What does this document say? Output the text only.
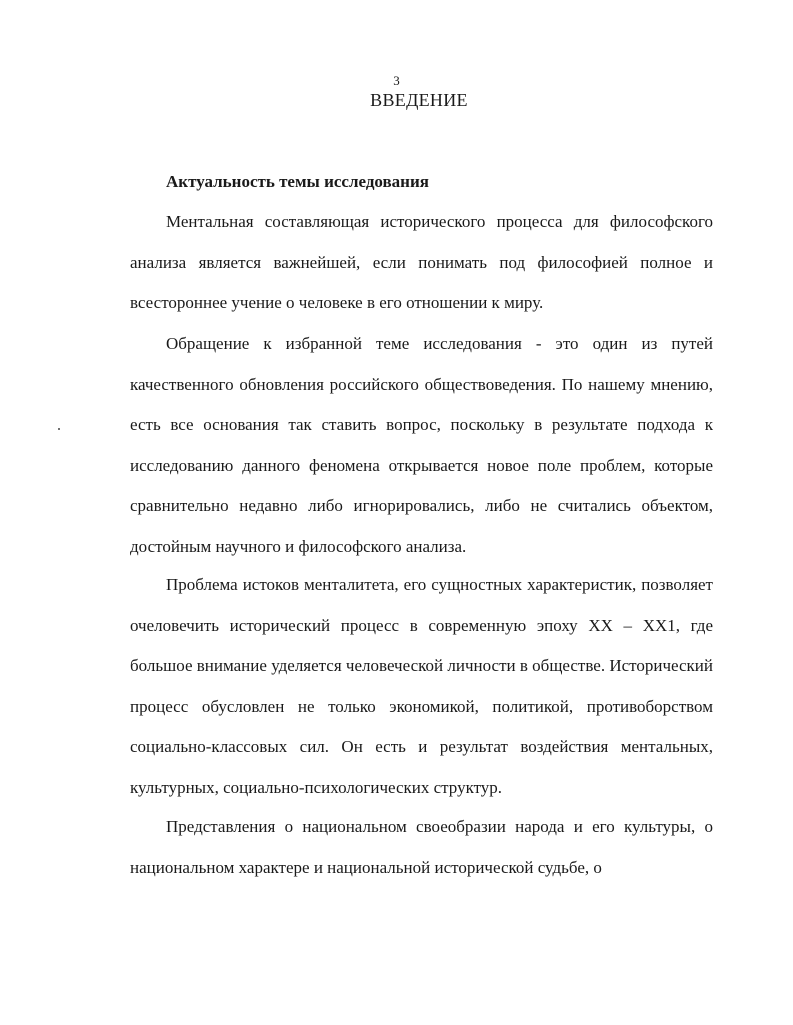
3
ВВЕДЕНИЕ
Актуальность темы исследования
Ментальная составляющая исторического процесса для философского анализа является важнейшей, если понимать под философией полное и всестороннее учение о человеке в его отношении к миру.
Обращение к избранной теме исследования - это один из путей качественного обновления российского обществоведения. По нашему мнению, есть все основания так ставить вопрос, поскольку в результате подхода к исследованию данного феномена открывается новое поле проблем, которые сравнительно недавно либо игнорировались, либо не считались объектом, достойным научного и философского анализа.
Проблема истоков менталитета, его сущностных характеристик, позволяет очеловечить исторический процесс в современную эпоху XX – XX1, где большое внимание уделяется человеческой личности в обществе. Исторический процесс обусловлен не только экономикой, политикой, противоборством социально-классовых сил. Он есть и результат воздействия ментальных, культурных, социально-психологических структур.
Представления о национальном своеобразии народа и его культуры, о национальном характере и национальной исторической судьбе, о
